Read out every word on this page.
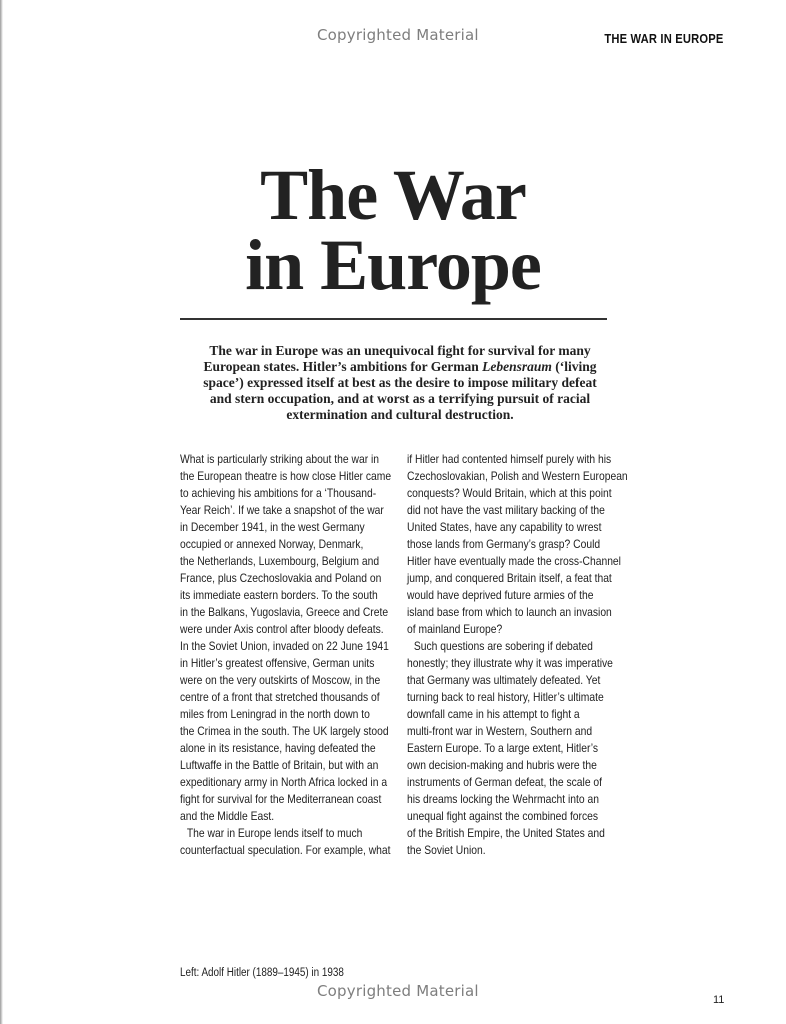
Copyrighted Material	THE WAR IN EUROPE
The War
in Europe

The war in Europe was an unequivocal fight for survival for many
European states. Hitler’s ambitions for German Lebensraum (‘living
space’) expressed itself at best as the desire to impose military defeat
and stern occupation, and at worst as a terrifying pursuit of racial
extermination and cultural destruction.

What is particularly striking about the war in
the European theatre is how close Hitler came
to achieving his ambitions for a ‘Thousand-
Year Reich’. If we take a snapshot of the war
in December 1941, in the west Germany
occupied or annexed Norway, Denmark,
the Netherlands, Luxembourg, Belgium and
France, plus Czechoslovakia and Poland on
its immediate eastern borders. To the south
in the Balkans, Yugoslavia, Greece and Crete
were under Axis control after bloody defeats.
In the Soviet Union, invaded on 22 June 1941
in Hitler’s greatest offensive, German units
were on the very outskirts of Moscow, in the
centre of a front that stretched thousands of
miles from Leningrad in the north down to
the Crimea in the south. The UK largely stood
alone in its resistance, having defeated the
Luftwaffe in the Battle of Britain, but with an
expeditionary army in North Africa locked in a
fight for survival for the Mediterranean coast
and the Middle East.
The war in Europe lends itself to much
counterfactual speculation. For example, what
if Hitler had contented himself purely with his
Czechoslovakian, Polish and Western European
conquests? Would Britain, which at this point
did not have the vast military backing of the
United States, have any capability to wrest
those lands from Germany’s grasp? Could
Hitler have eventually made the cross-Channel
jump, and conquered Britain itself, a feat that
would have deprived future armies of the
island base from which to launch an invasion
of mainland Europe?
Such questions are sobering if debated
honestly; they illustrate why it was imperative
that Germany was ultimately defeated. Yet
turning back to real history, Hitler’s ultimate
downfall came in his attempt to fight a
multi-front war in Western, Southern and
Eastern Europe. To a large extent, Hitler’s
own decision-making and hubris were the
instruments of German defeat, the scale of
his dreams locking the Wehrmacht into an
unequal fight against the combined forces
of the British Empire, the United States and
the Soviet Union.
Left: Adolf Hitler (1889–1945) in 1938
Copyrighted Material	11
